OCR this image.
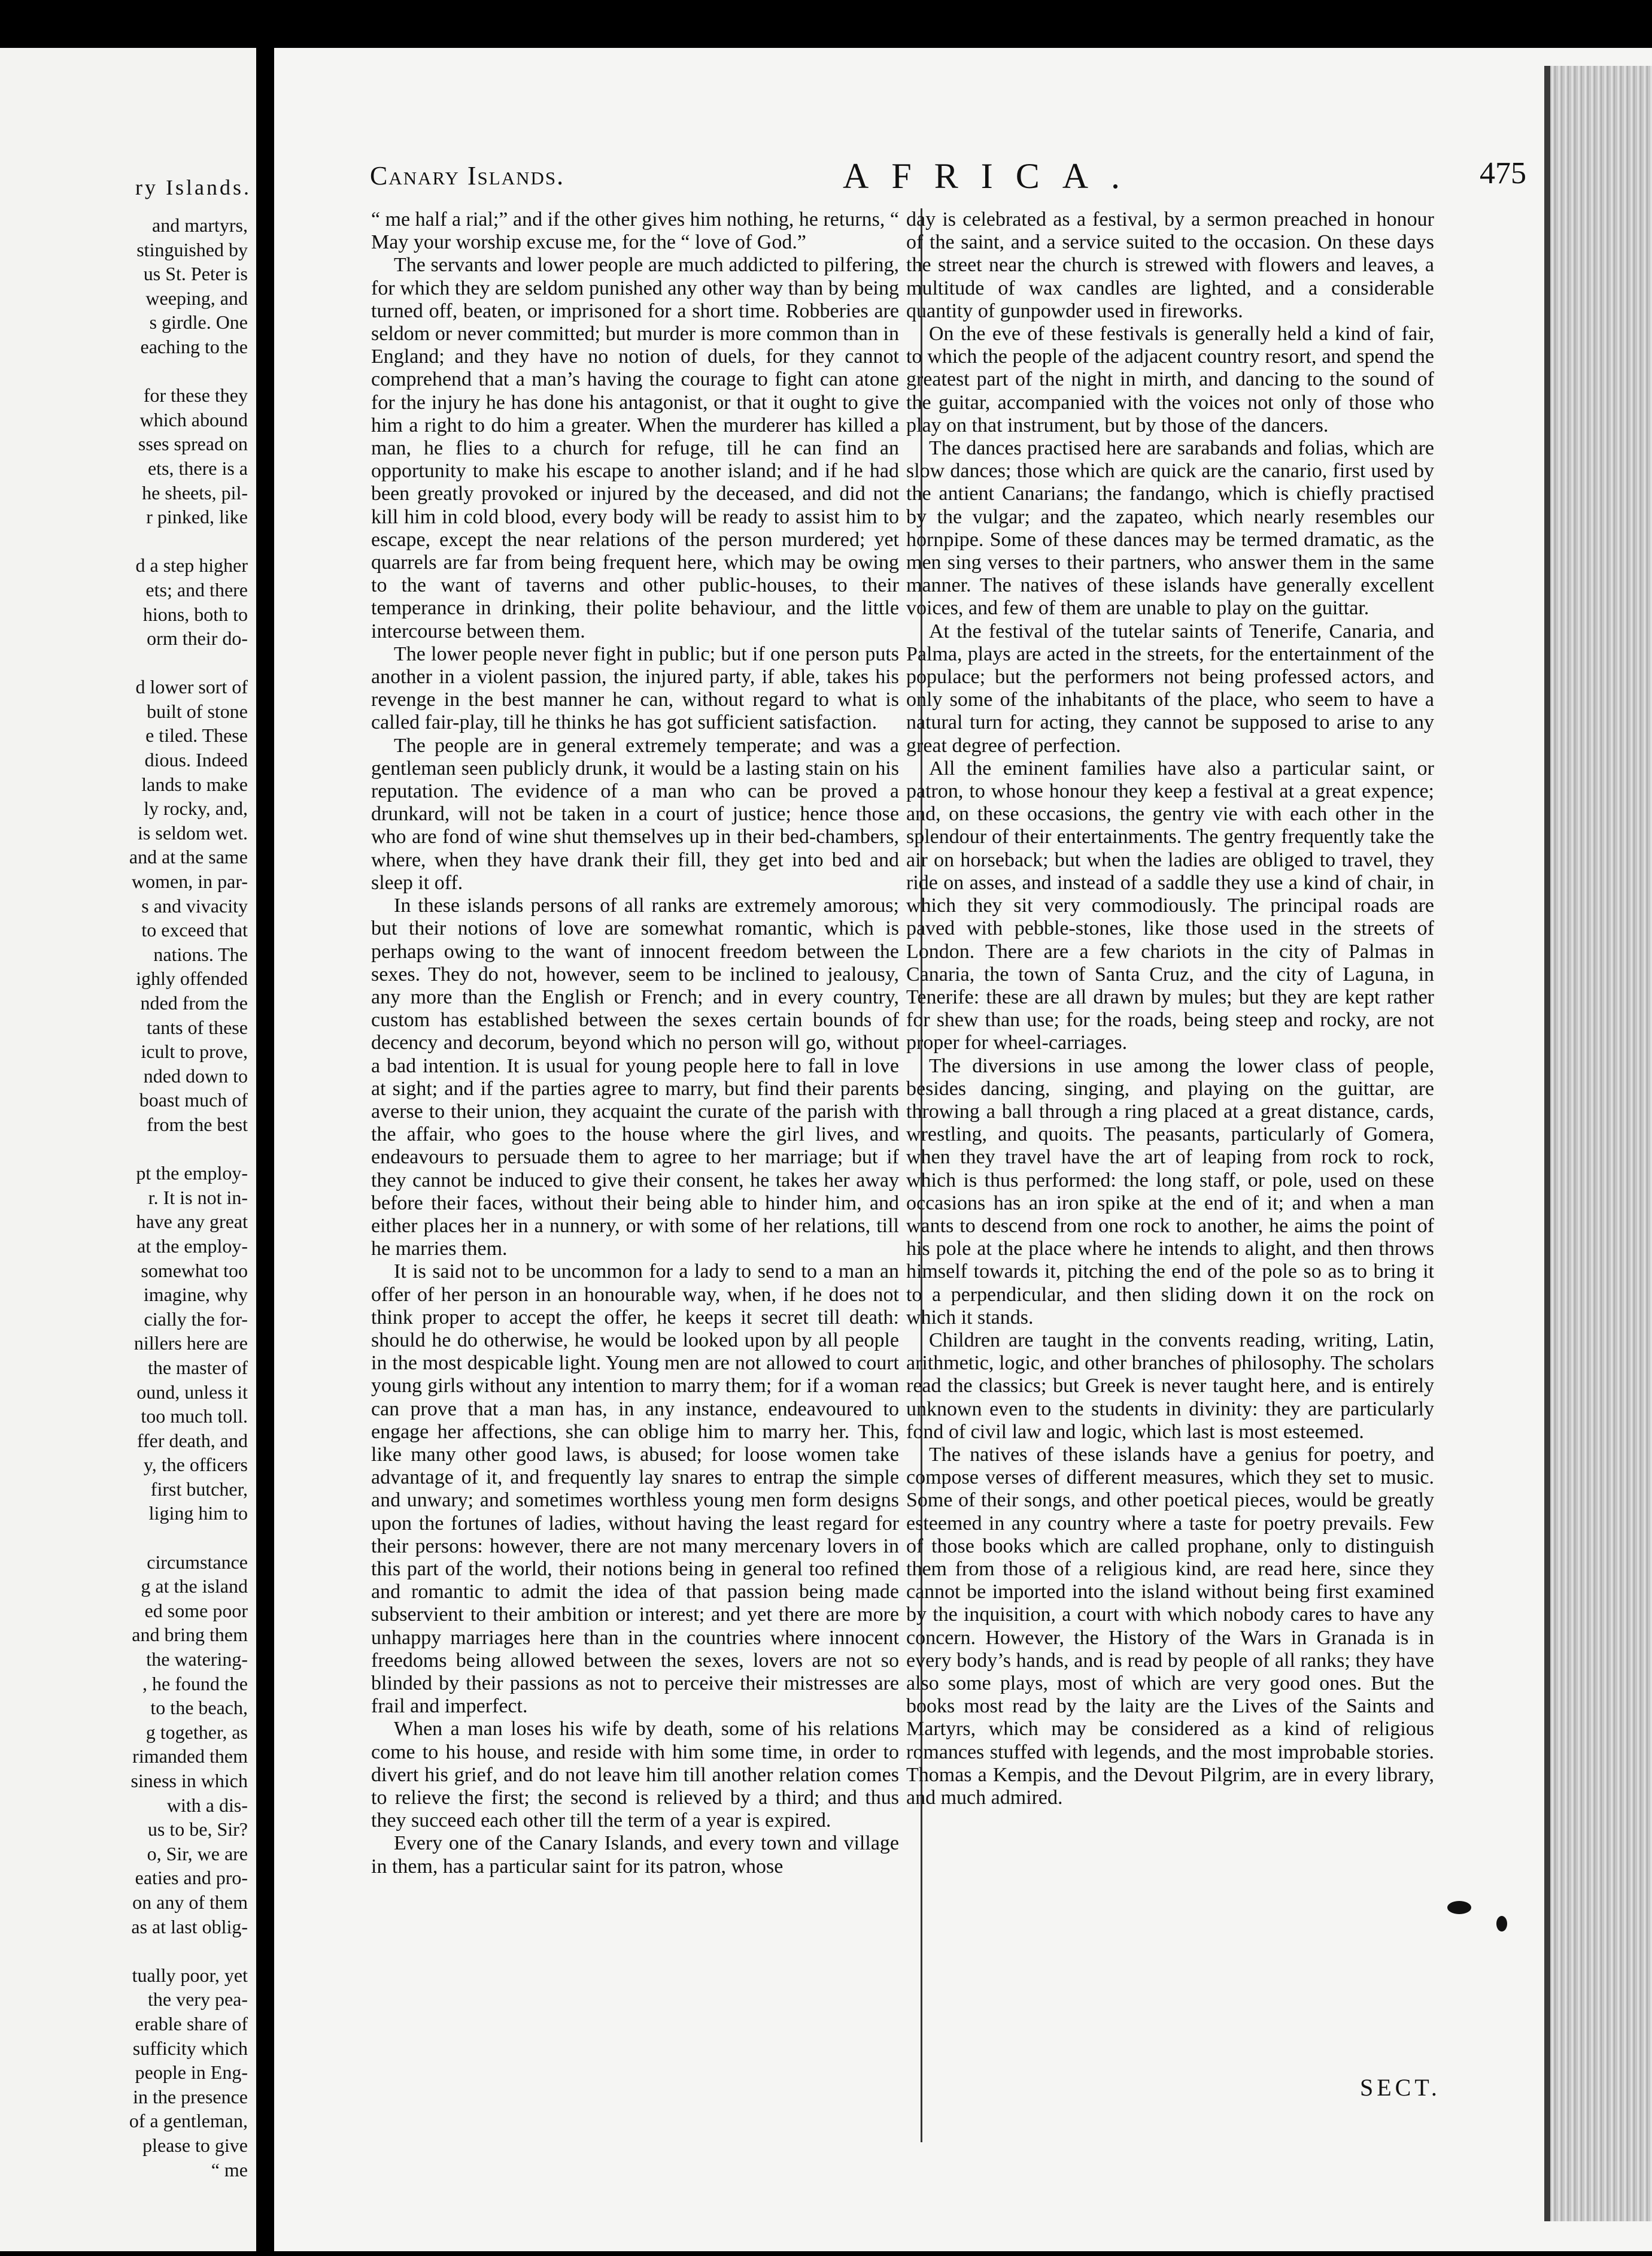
ry Islands.
and martyrs,
stinguished by
us St. Peter is
weeping, and
s girdle. One
eaching to the

for these they
which abound
sses spread on
ets, there is a
he sheets, pil-
r pinked, like

d a step higher
ets; and there
hions, both to
orm their do-

d lower sort of
built of stone
e tiled. These
dious. Indeed
lands to make
ly rocky, and,
is seldom wet.
and at the same
women, in par-
s and vivacity
to exceed that
nations. The
ighly offended
nded from the
tants of these
icult to prove,
nded down to
boast much of
from the best

pt the employ-
r. It is not in-
have any great
at the employ-
somewhat too
imagine, why
cially the for-
nillers here are
the master of
ound, unless it
too much toll.
ffer death, and
y, the officers
first butcher,
liging him to

circumstance
g at the island
ed some poor
and bring them
the watering-
, he found the
to the beach,
g together, as
rimanded them
siness in which
with a dis-
us to be, Sir?
o, Sir, we are
eaties and pro-
on any of them
as at last oblig-

tually poor, yet
the very pea-
erable share of
sufficity which
people in Eng-
in the presence
of a gentleman,
please to give
“ me
Canary Islands.	AFRICA.	475

“ me half a rial;” and if the other gives him nothing, he returns, “ May your worship excuse me, for the “ love of God.”

The servants and lower people are much addicted to pilfering, for which they are seldom punished any other way than by being turned off, beaten, or imprisoned for a short time. Robberies are seldom or never committed; but murder is more common than in England; and they have no notion of duels, for they cannot comprehend that a man’s having the courage to fight can atone for the injury he has done his antagonist, or that it ought to give him a right to do him a greater. When the murderer has killed a man, he flies to a church for refuge, till he can find an opportunity to make his escape to another island; and if he had been greatly provoked or injured by the deceased, and did not kill him in cold blood, every body will be ready to assist him to escape, except the near relations of the person murdered; yet quarrels are far from being frequent here, which may be owing to the want of taverns and other public-houses, to their temperance in drinking, their polite behaviour, and the little intercourse between them.

The lower people never fight in public; but if one person puts another in a violent passion, the injured party, if able, takes his revenge in the best manner he can, without regard to what is called fair-play, till he thinks he has got sufficient satisfaction.

The people are in general extremely temperate; and was a gentleman seen publicly drunk, it would be a lasting stain on his reputation. The evidence of a man who can be proved a drunkard, will not be taken in a court of justice; hence those who are fond of wine shut themselves up in their bed-chambers, where, when they have drank their fill, they get into bed and sleep it off.

In these islands persons of all ranks are extremely amorous; but their notions of love are somewhat romantic, which is perhaps owing to the want of innocent freedom between the sexes. They do not, however, seem to be inclined to jealousy, any more than the English or French; and in every country, custom has established between the sexes certain bounds of decency and decorum, beyond which no person will go, without a bad intention. It is usual for young people here to fall in love at sight; and if the parties agree to marry, but find their parents averse to their union, they acquaint the curate of the parish with the affair, who goes to the house where the girl lives, and endeavours to persuade them to agree to her marriage; but if they cannot be induced to give their consent, he takes her away before their faces, without their being able to hinder him, and either places her in a nunnery, or with some of her relations, till he marries them.

It is said not to be uncommon for a lady to send to a man an offer of her person in an honourable way, when, if he does not think proper to accept the offer, he keeps it secret till death: should he do otherwise, he would be looked upon by all people in the most despicable light. Young men are not allowed to court young girls without any intention to marry them; for if a woman can prove that a man has, in any instance, endeavoured to engage her affections, she can oblige him to marry her. This, like many other good laws, is abused; for loose women take advantage of it, and frequently lay snares to entrap the simple and unwary; and sometimes worthless young men form designs upon the fortunes of ladies, without having the least regard for their persons: however, there are not many mercenary lovers in this part of the world, their notions being in general too refined and romantic to admit the idea of that passion being made subservient to their ambition or interest; and yet there are more unhappy marriages here than in the countries where innocent freedoms being allowed between the sexes, lovers are not so blinded by their passions as not to perceive their mistresses are frail and imperfect.

When a man loses his wife by death, some of his relations come to his house, and reside with him some time, in order to divert his grief, and do not leave him till another relation comes to relieve the first; the second is relieved by a third; and thus they succeed each other till the term of a year is expired.

Every one of the Canary Islands, and every town and village in them, has a particular saint for its patron, whose

day is celebrated as a festival, by a sermon preached in honour of the saint, and a service suited to the occasion. On these days the street near the church is strewed with flowers and leaves, a multitude of wax candles are lighted, and a considerable quantity of gunpowder used in fireworks.

On the eve of these festivals is generally held a kind of fair, to which the people of the adjacent country resort, and spend the greatest part of the night in mirth, and dancing to the sound of the guitar, accompanied with the voices not only of those who play on that instrument, but by those of the dancers.

The dances practised here are sarabands and folias, which are slow dances; those which are quick are the canario, first used by the antient Canarians; the fandango, which is chiefly practised by the vulgar; and the zapateo, which nearly resembles our hornpipe. Some of these dances may be termed dramatic, as the men sing verses to their partners, who answer them in the same manner. The natives of these islands have generally excellent voices, and few of them are unable to play on the guittar.

At the festival of the tutelar saints of Tenerife, Canaria, and Palma, plays are acted in the streets, for the entertainment of the populace; but the performers not being professed actors, and only some of the inhabitants of the place, who seem to have a natural turn for acting, they cannot be supposed to arise to any great degree of perfection.

All the eminent families have also a particular saint, or patron, to whose honour they keep a festival at a great expence; and, on these occasions, the gentry vie with each other in the splendour of their entertainments. The gentry frequently take the air on horseback; but when the ladies are obliged to travel, they ride on asses, and instead of a saddle they use a kind of chair, in which they sit very commodiously. The principal roads are paved with pebble-stones, like those used in the streets of London. There are a few chariots in the city of Palmas in Canaria, the town of Santa Cruz, and the city of Laguna, in Tenerife: these are all drawn by mules; but they are kept rather for shew than use; for the roads, being steep and rocky, are not proper for wheel-carriages.

The diversions in use among the lower class of people, besides dancing, singing, and playing on the guittar, are throwing a ball through a ring placed at a great distance, cards, wrestling, and quoits. The peasants, particularly of Gomera, when they travel have the art of leaping from rock to rock, which is thus performed: the long staff, or pole, used on these occasions has an iron spike at the end of it; and when a man wants to descend from one rock to another, he aims the point of his pole at the place where he intends to alight, and then throws himself towards it, pitching the end of the pole so as to bring it to a perpendicular, and then sliding down it on the rock on which it stands.

Children are taught in the convents reading, writing, Latin, arithmetic, logic, and other branches of philosophy. The scholars read the classics; but Greek is never taught here, and is entirely unknown even to the students in divinity: they are particularly fond of civil law and logic, which last is most esteemed.

The natives of these islands have a genius for poetry, and compose verses of different measures, which they set to music. Some of their songs, and other poetical pieces, would be greatly esteemed in any country where a taste for poetry prevails. Few of those books which are called prophane, only to distinguish them from those of a religious kind, are read here, since they cannot be imported into the island without being first examined by the inquisition, a court with which nobody cares to have any concern. However, the History of the Wars in Granada is in every body’s hands, and is read by people of all ranks; they have also some plays, most of which are very good ones. But the books most read by the laity are the Lives of the Saints and Martyrs, which may be considered as a kind of religious romances stuffed with legends, and the most improbable stories. Thomas a Kempis, and the Devout Pilgrim, are in every library, and much admired.

SECT.
